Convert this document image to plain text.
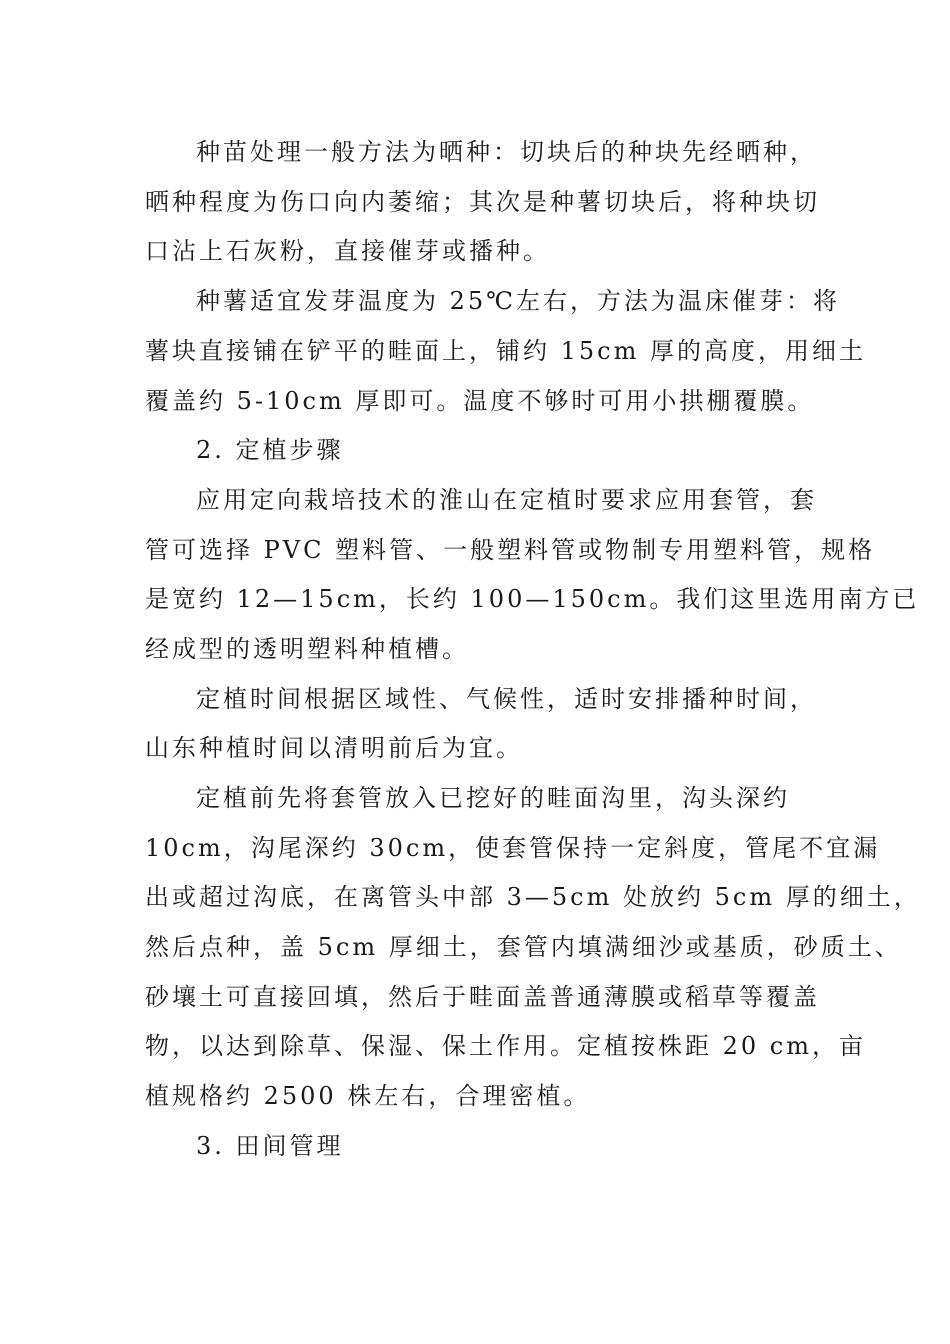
种苗处理一般方法为晒种：切块后的种块先经晒种，
晒种程度为伤口向内萎缩；其次是种薯切块后，将种块切
口沾上石灰粉，直接催芽或播种。
种薯适宜发芽温度为 25℃左右，方法为温床催芽：将
薯块直接铺在铲平的畦面上，铺约 15cm 厚的高度，用细土
覆盖约 5-10cm 厚即可。温度不够时可用小拱棚覆膜。
2. 定植步骤
应用定向栽培技术的淮山在定植时要求应用套管，套
管可选择 PVC 塑料管、一般塑料管或物制专用塑料管，规格
是宽约 12—15cm，长约 100—150cm。我们这里选用南方已
经成型的透明塑料种植槽。
定植时间根据区域性、气候性，适时安排播种时间，
山东种植时间以清明前后为宜。
定植前先将套管放入已挖好的畦面沟里，沟头深约
10cm，沟尾深约 30cm，使套管保持一定斜度，管尾不宜漏
出或超过沟底，在离管头中部 3—5cm 处放约 5cm 厚的细土，
然后点种，盖 5cm 厚细土，套管内填满细沙或基质，砂质土、
砂壤土可直接回填，然后于畦面盖普通薄膜或稻草等覆盖
物，以达到除草、保湿、保土作用。定植按株距 20 cm，亩
植规格约 2500 株左右，合理密植。
3. 田间管理
